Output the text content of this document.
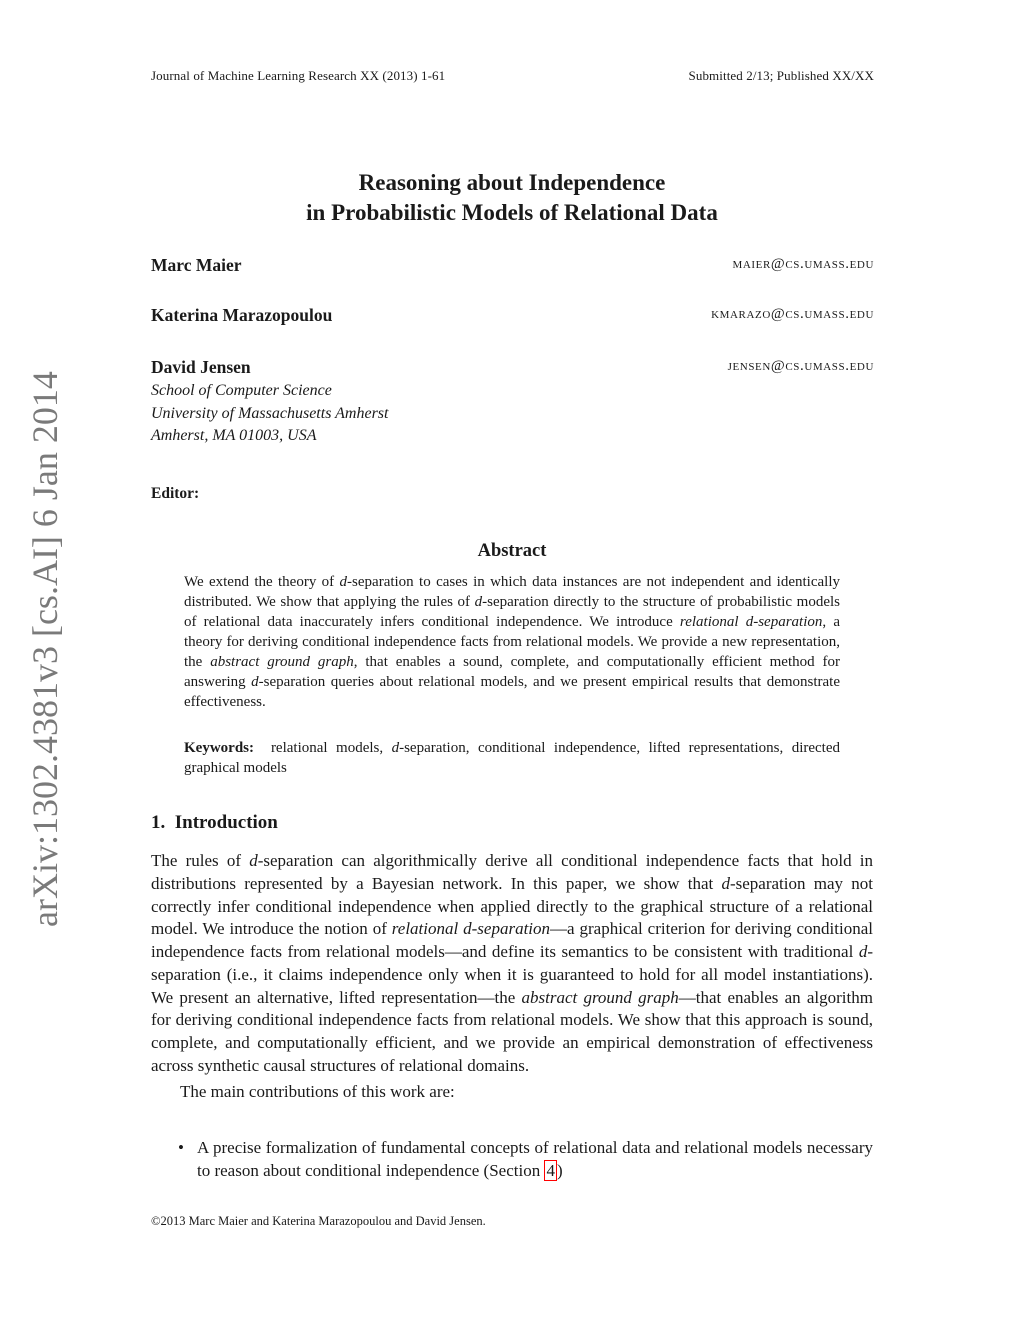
Journal of Machine Learning Research XX (2013) 1-61	Submitted 2/13; Published XX/XX
Reasoning about Independence
in Probabilistic Models of Relational Data
Marc Maier	maier@cs.umass.edu
Katerina Marazopoulou	kmarazo@cs.umass.edu
David Jensen	jensen@cs.umass.edu
School of Computer Science
University of Massachusetts Amherst
Amherst, MA 01003, USA
Editor:
Abstract

We extend the theory of d-separation to cases in which data instances are not independent and identically distributed. We show that applying the rules of d-separation directly to the structure of probabilistic models of relational data inaccurately infers conditional independence. We introduce relational d-separation, a theory for deriving conditional independence facts from relational models. We provide a new representation, the abstract ground graph, that enables a sound, complete, and computationally efficient method for answering d-separation queries about relational models, and we present empirical results that demonstrate effectiveness.

Keywords: relational models, d-separation, conditional independence, lifted representations, directed graphical models
1. Introduction

The rules of d-separation can algorithmically derive all conditional independence facts that hold in distributions represented by a Bayesian network. In this paper, we show that d-separation may not correctly infer conditional independence when applied directly to the graphical structure of a relational model. We introduce the notion of relational d-separation—a graphical criterion for deriving conditional independence facts from relational models—and define its semantics to be consistent with traditional d-separation (i.e., it claims independence only when it is guaranteed to hold for all model instantiations). We present an alternative, lifted representation—the abstract ground graph—that enables an algorithm for deriving conditional independence facts from relational models. We show that this approach is sound, complete, and computationally efficient, and we provide an empirical demonstration of effectiveness across synthetic causal structures of relational domains.

The main contributions of this work are:

• A precise formalization of fundamental concepts of relational data and relational models necessary to reason about conditional independence (Section 4 )
©2013 Marc Maier and Katerina Marazopoulou and David Jensen.
arXiv:1302.4381v3 [cs.AI] 6 Jan 2014
